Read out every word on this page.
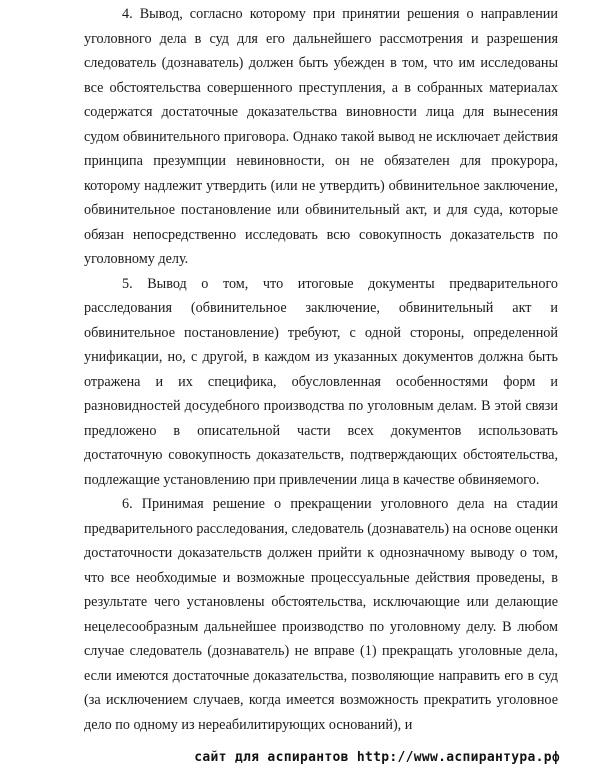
4. Вывод, согласно которому при принятии решения о направлении уголовного дела в суд для его дальнейшего рассмотрения и разрешения следователь (дознаватель) должен быть убежден в том, что им исследованы все обстоятельства совершенного преступления, а в собранных материалах содержатся достаточные доказательства виновности лица для вынесения судом обвинительного приговора. Однако такой вывод не исключает действия принципа презумпции невиновности, он не обязателен для прокурора, которому надлежит утвердить (или не утвердить) обвинительное заключение, обвинительное постановление или обвинительный акт, и для суда, которые обязан непосредственно исследовать всю совокупность доказательств по уголовному делу.

5. Вывод о том, что итоговые документы предварительного расследования (обвинительное заключение, обвинительный акт и обвинительное постановление) требуют, с одной стороны, определенной унификации, но, с другой, в каждом из указанных документов должна быть отражена и их специфика, обусловленная особенностями форм и разновидностей досудебного производства по уголовным делам. В этой связи предложено в описательной части всех документов использовать достаточную совокупность доказательств, подтверждающих обстоятельства, подлежащие установлению при привлечении лица в качестве обвиняемого.

6. Принимая решение о прекращении уголовного дела на стадии предварительного расследования, следователь (дознаватель) на основе оценки достаточности доказательств должен прийти к однозначному выводу о том, что все необходимые и возможные процессуальные действия проведены, в результате чего установлены обстоятельства, исключающие или делающие нецелесообразным дальнейшее производство по уголовному делу. В любом случае следователь (дознаватель) не вправе (1) прекращать уголовные дела, если имеются достаточные доказательства, позволяющие направить его в суд (за исключением случаев, когда имеется возможность прекратить уголовное дело по одному из нереабилитирующих оснований), и

сайт для аспирантов http://www.аспирантура.рф
